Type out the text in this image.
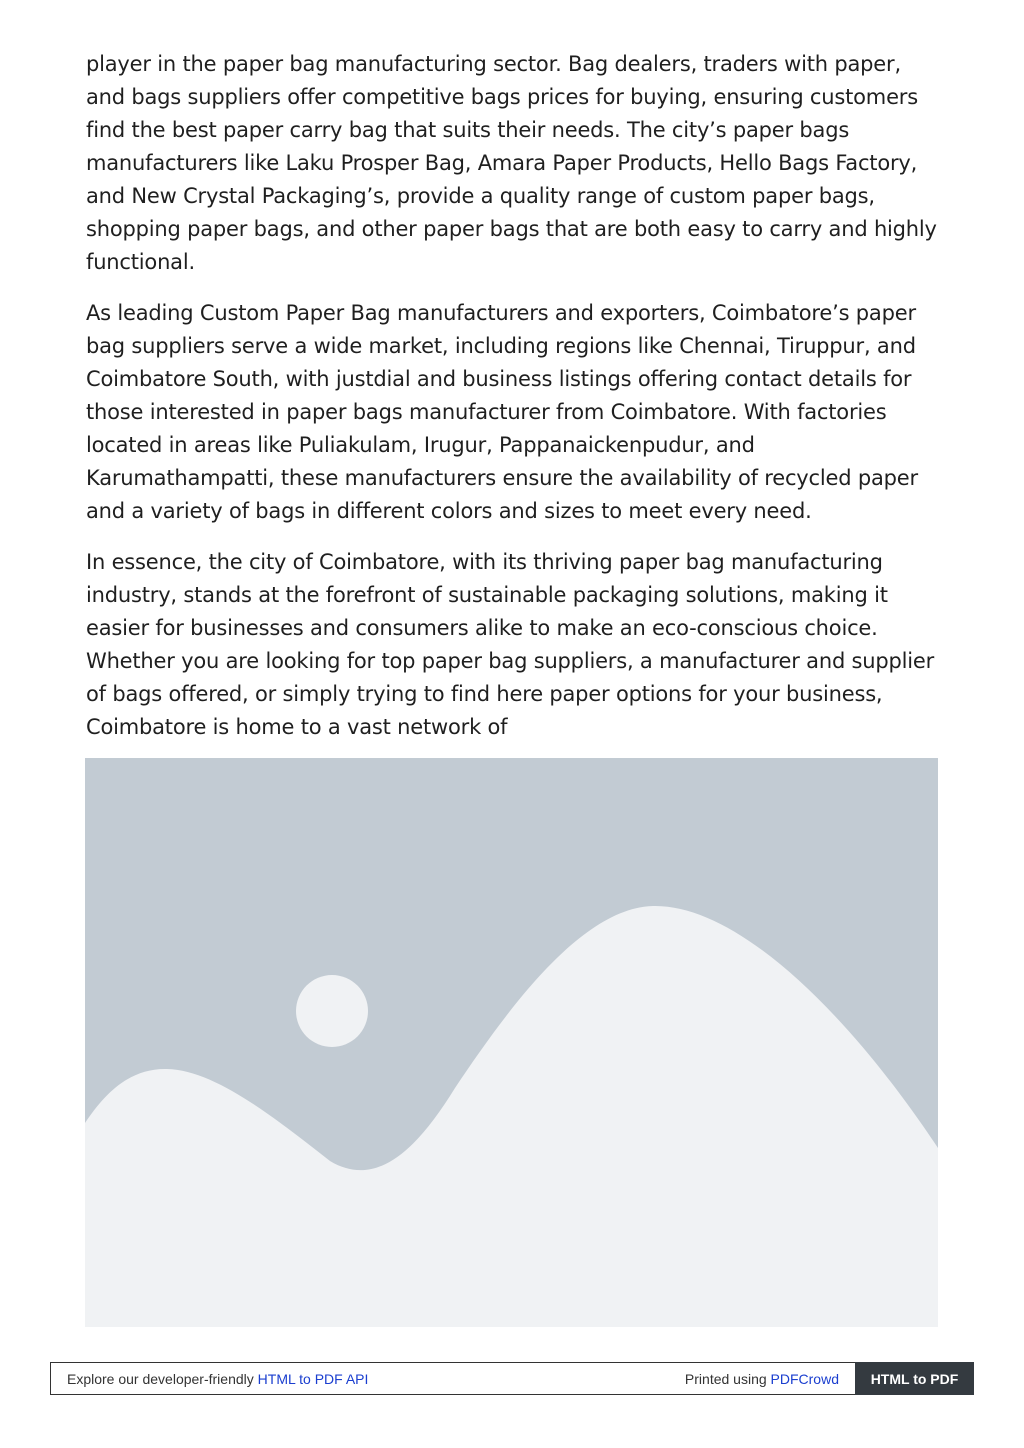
player in the paper bag manufacturing sector. Bag dealers, traders with paper, and bags suppliers offer competitive bags prices for buying, ensuring customers find the best paper carry bag that suits their needs. The city’s paper bags manufacturers like Laku Prosper Bag, Amara Paper Products, Hello Bags Factory, and New Crystal Packaging’s, provide a quality range of custom paper bags, shopping paper bags, and other paper bags that are both easy to carry and highly functional.

As leading Custom Paper Bag manufacturers and exporters, Coimbatore’s paper bag suppliers serve a wide market, including regions like Chennai, Tiruppur, and Coimbatore South, with justdial and business listings offering contact details for those interested in paper bags manufacturer from Coimbatore. With factories located in areas like Puliakulam, Irugur, Pappanaickenpudur, and Karumathampatti, these manufacturers ensure the availability of recycled paper and a variety of bags in different colors and sizes to meet every need.

In essence, the city of Coimbatore, with its thriving paper bag manufacturing industry, stands at the forefront of sustainable packaging solutions, making it easier for businesses and consumers alike to make an eco-conscious choice. Whether you are looking for top paper bag suppliers, a manufacturer and supplier of bags offered, or simply trying to find here paper options for your business, Coimbatore is home to a vast network of

Explore our developer-friendly HTML to PDF API	Printed using PDFCrowd	HTML to PDF
